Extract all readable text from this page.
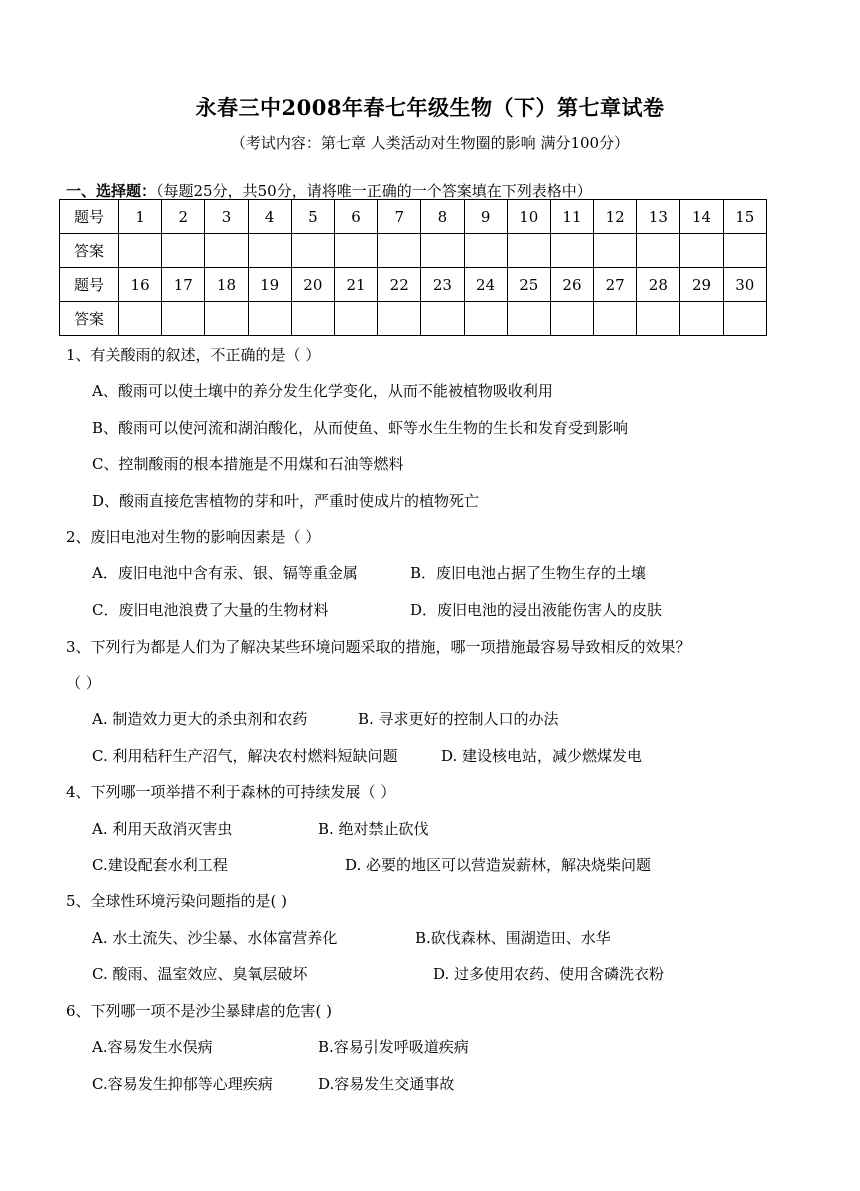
永春三中2008年春七年级生物（下）第七章试卷
（考试内容：第七章 人类活动对生物圈的影响 满分100分）
一、选择题：（每题25分，共50分，请将唯一正确的一个答案填在下列表格中）
题号	1	2	3	4	5	6	7	8	9	10	11	12	13	14	15
答案															
题号	16	17	18	19	20	21	22	23	24	25	26	27	28	29	30
答案															
1、有关酸雨的叙述，不正确的是（ ）
A、酸雨可以使土壤中的养分发生化学变化，从而不能被植物吸收利用
B、酸雨可以使河流和湖泊酸化，从而使鱼、虾等水生生物的生长和发育受到影响
C、控制酸雨的根本措施是不用煤和石油等燃料
D、酸雨直接危害植物的芽和叶，严重时使成片的植物死亡
2、废旧电池对生物的影响因素是（ ）
A．废旧电池中含有汞、银、镉等重金属	B．废旧电池占据了生物生存的土壤
C．废旧电池浪费了大量的生物材料	D．废旧电池的浸出液能伤害人的皮肤
3、下列行为都是人们为了解决某些环境问题采取的措施，哪一项措施最容易导致相反的效果？
（ ）
A. 制造效力更大的杀虫剂和农药	B. 寻求更好的控制人口的办法
C. 利用秸秆生产沼气，解决农村燃料短缺问题	D. 建设核电站，减少燃煤发电
4、下列哪一项举措不利于森林的可持续发展（ ）
A. 利用天敌消灭害虫	B. 绝对禁止砍伐
C.建设配套水利工程	D. 必要的地区可以营造炭薪林，解决烧柴问题
5、全球性环境污染问题指的是( )
A. 水土流失、沙尘暴、水体富营养化	B.砍伐森林、围湖造田、水华
C. 酸雨、温室效应、臭氧层破坏	D. 过多使用农药、使用含磷洗衣粉
6、下列哪一项不是沙尘暴肆虐的危害( )
A.容易发生水俣病	B.容易引发呼吸道疾病
C.容易发生抑郁等心理疾病	D.容易发生交通事故
